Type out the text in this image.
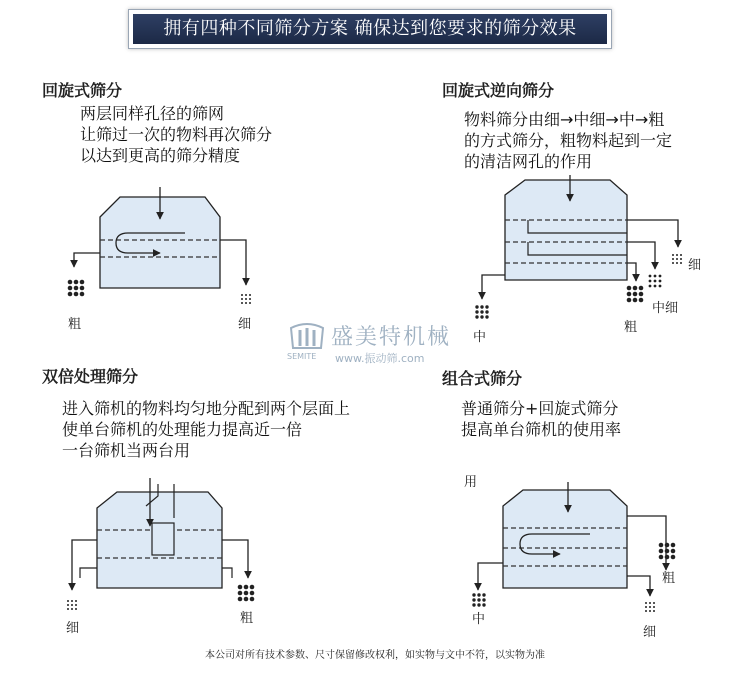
拥有四种不同筛分方案 确保达到您要求的筛分效果
回旋式筛分
两层同样孔径的筛网
让筛过一次的物料再次筛分
以达到更高的筛分精度
粗	细
回旋式逆向筛分
物料筛分由细→中细→中→粗
的方式筛分，粗物料起到一定
的清洁网孔的作用
细
中细
粗
中
盛美特机械
SEMITE www.振动筛.com
双倍处理筛分
进入筛机的物料均匀地分配到两个层面上
使单台筛机的处理能力提高近一倍
一台筛机当两台用
细
粗
组合式筛分
普通筛分+回旋式筛分
提高单台筛机的使用率
用
粗
中
细
本公司对所有技术参数、尺寸保留修改权利，如实物与文中不符，以实物为准
